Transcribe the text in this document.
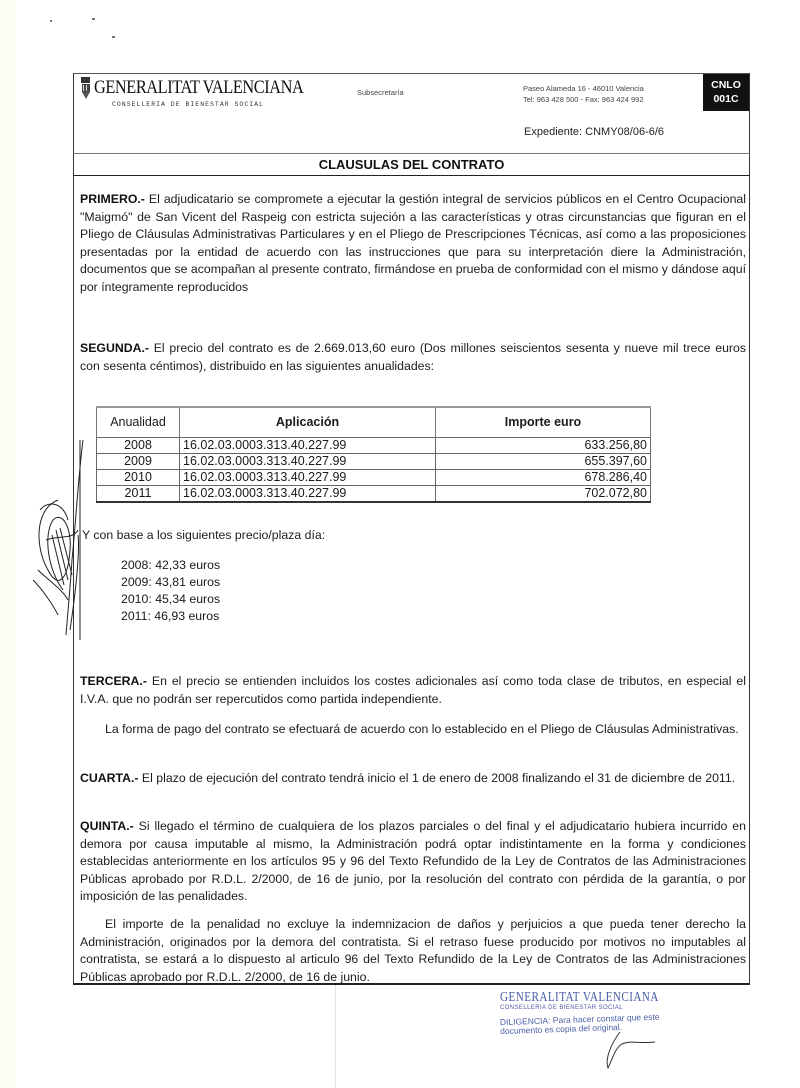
GENERALITAT VALENCIANA
CONSELLERIA DE BIENESTAR SOCIAL
Subsecretaría	Paseo Alameda 16 - 46010 Valencia
Tel: 963 428 500 - Fax: 963 424 992
CNLO
001C
Expediente: CNMY08/06-6/6
CLAUSULAS DEL CONTRATO

PRIMERO.- El adjudicatario se compromete a ejecutar la gestión integral de servicios públicos en el Centro Ocupacional "Maigmó" de San Vicent del Raspeig con estricta sujeción a las características y otras circunstancias que figuran en el Pliego de Cláusulas Administrativas Particulares y en el Pliego de Prescripciones Técnicas, así como a las proposiciones presentadas por la entidad de acuerdo con las instrucciones que para su interpretación diere la Administración, documentos que se acompañan al presente contrato, firmándose en prueba de conformidad con el mismo y dándose aquí por íntegramente reproducidos

SEGUNDA.- El precio del contrato es de 2.669.013,60 euro (Dos millones seiscientos sesenta y nueve mil trece euros con sesenta céntimos), distribuido en las siguientes anualidades:

Anualidad	Aplicación	Importe euro
2008	16.02.03.0003.313.40.227.99	633.256,80
2009	16.02.03.0003.313.40.227.99	655.397,60
2010	16.02.03.0003.313.40.227.99	678.286,40
2011	16.02.03.0003.313.40.227.99	702.072,80

Y con base a los siguientes precio/plaza día:

2008: 42,33 euros
2009: 43,81 euros
2010: 45,34 euros
2011: 46,93 euros

TERCERA.- En el precio se entienden incluidos los costes adicionales así como toda clase de tributos, en especial el I.V.A. que no podrán ser repercutidos como partida independiente.

La forma de pago del contrato se efectuará de acuerdo con lo establecido en el Pliego de Cláusulas Administrativas.

CUARTA.- El plazo de ejecución del contrato tendrá inicio el 1 de enero de 2008 finalizando el 31 de diciembre de 2011.

QUINTA.- Si llegado el término de cualquiera de los plazos parciales o del final y el adjudicatario hubiera incurrido en demora por causa imputable al mismo, la Administración podrá optar indistintamente en la forma y condiciones establecidas anteriormente en los artículos 95 y 96 del Texto Refundido de la Ley de Contratos de las Administraciones Públicas aprobado por R.D.L. 2/2000, de 16 de junio, por la resolución del contrato con pérdida de la garantía, o por imposición de las penalidades.

El importe de la penalidad no excluye la indemnizacion de daños y perjuicios a que pueda tener derecho la Administración, originados por la demora del contratista. Si el retraso fuese producido por motivos no imputables al contratista, se estará a lo dispuesto al articulo 96 del Texto Refundido de la Ley de Contratos de las Administraciones Públicas aprobado por R.D.L. 2/2000, de 16 de junio.

GENERALITAT VALENCIANA
CONSELLERIA DE BIENESTAR SOCIAL
DILIGENCIA: Para hacer constar que este documento es copia del original.
